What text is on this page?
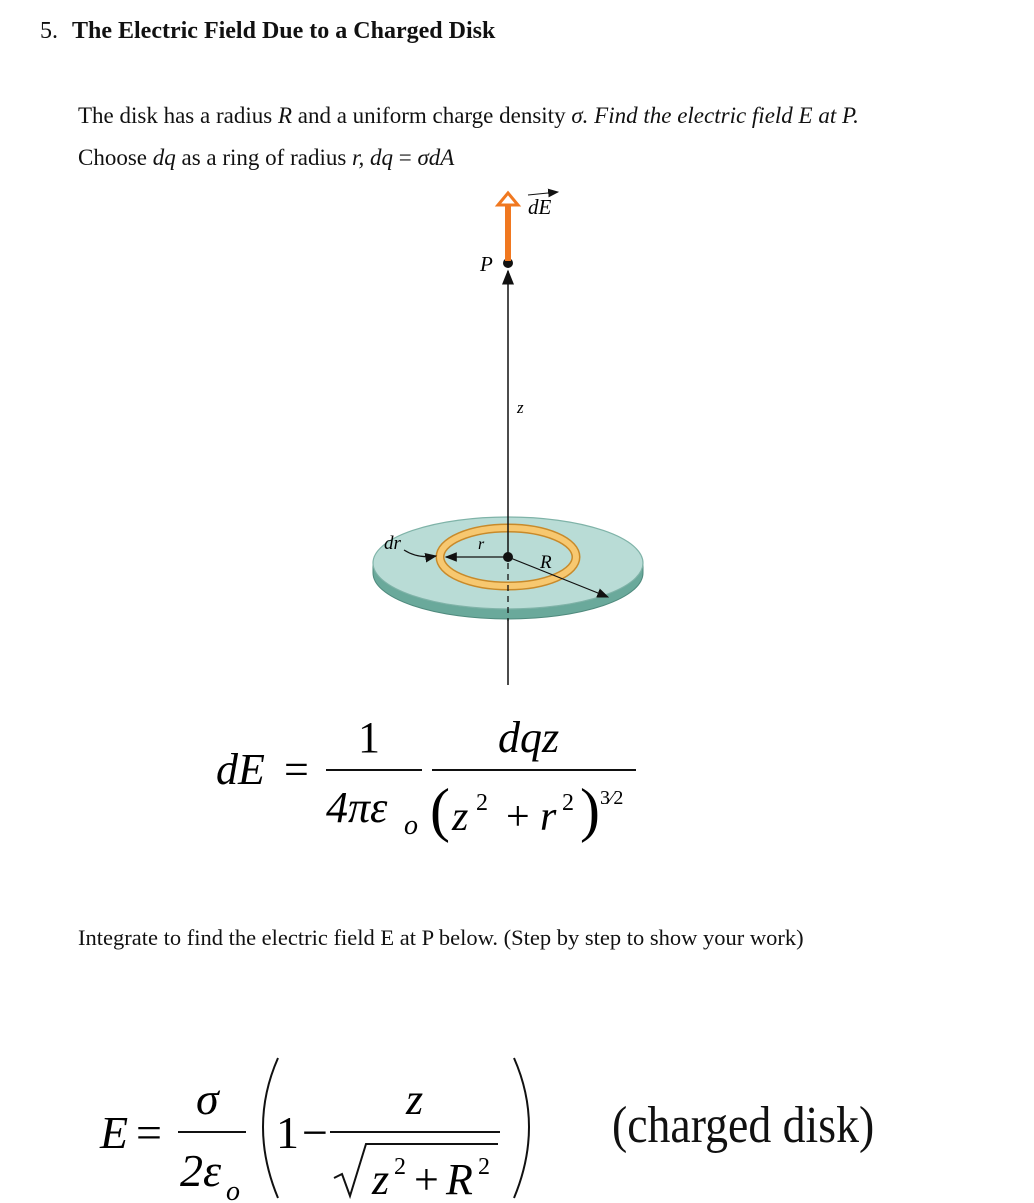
5. The Electric Field Due to a Charged Disk
The disk has a radius R and a uniform charge density σ. Find the electric field E at P.
Choose dq as a ring of radius r, dq = σdA
dE
P
z
dr	r
R
dE =
1
4πε o
dqz
( z 2 + r 2 ) 3⁄2
Integrate to find the electric field E at P below. (Step by step to show your work)
E =
σ
2ε o
1 −
z
z 2 + R 2
(charged disk)
